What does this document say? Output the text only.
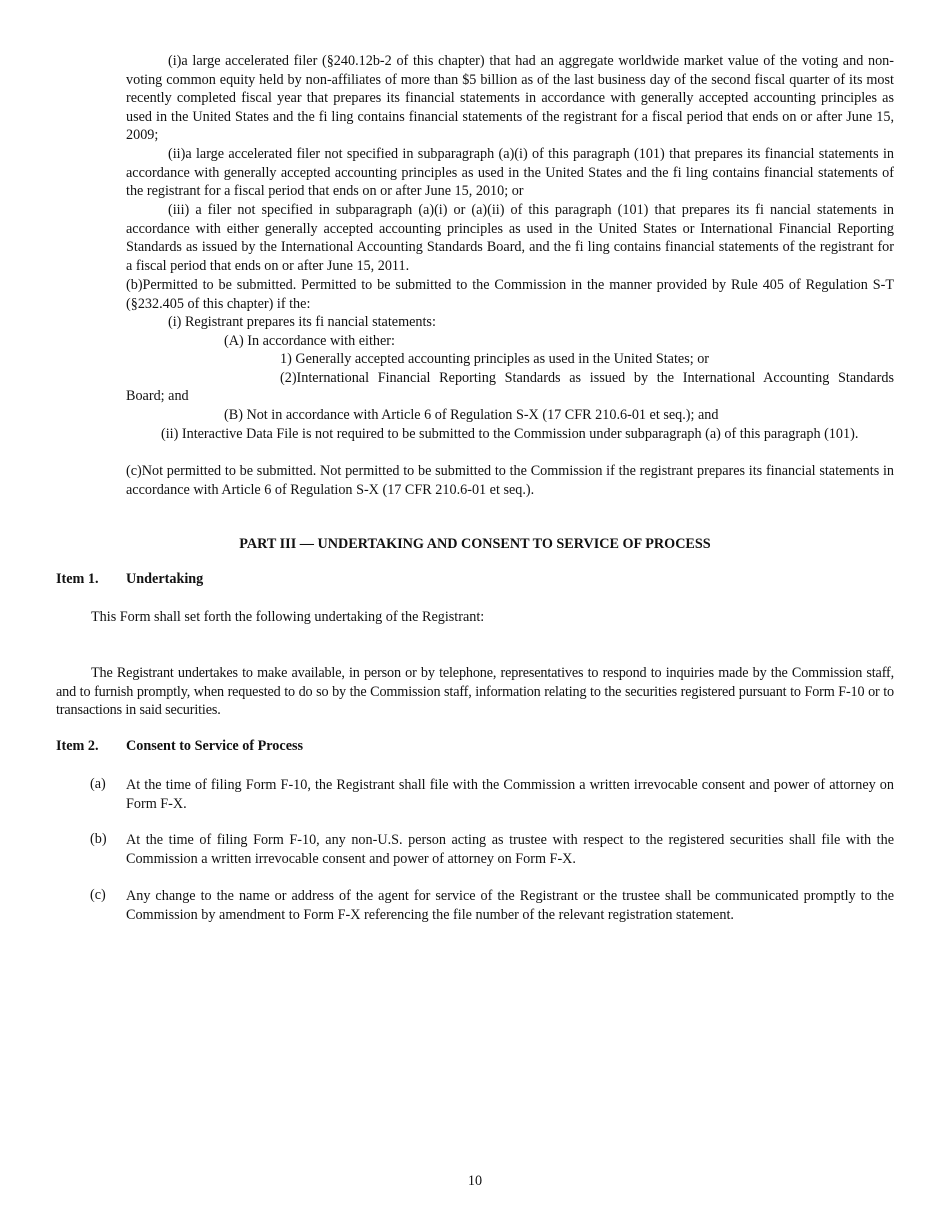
(i)a large accelerated filer (§240.12b-2 of this chapter) that had an aggregate worldwide market value of the voting and non-voting common equity held by non-affiliates of more than $5 billion as of the last business day of the second fiscal quarter of its most recently completed fiscal year that prepares its financial statements in accordance with generally accepted accounting principles as used in the United States and the fi ling contains financial statements of the registrant for a fiscal period that ends on or after June 15, 2009;

(ii)a large accelerated filer not specified in subparagraph (a)(i) of this paragraph (101) that prepares its financial statements in accordance with generally accepted accounting principles as used in the United States and the fi ling contains financial statements of the registrant for a fiscal period that ends on or after June 15, 2010; or

(iii) a filer not specified in subparagraph (a)(i) or (a)(ii) of this paragraph (101) that prepares its fi nancial statements in accordance with either generally accepted accounting principles as used in the United States or International Financial Reporting Standards as issued by the International Accounting Standards Board, and the fi ling contains financial statements of the registrant for a fiscal period that ends on or after June 15, 2011.

(b)Permitted to be submitted. Permitted to be submitted to the Commission in the manner provided by Rule 405 of Regulation S-T (§232.405 of this chapter) if the:

(i) Registrant prepares its fi nancial statements:

(A) In accordance with either:

1) Generally accepted accounting principles as used in the United States; or

(2)International Financial Reporting Standards as issued by the International Accounting Standards

Board; and

(B) Not in accordance with Article 6 of Regulation S-X (17 CFR 210.6-01 et seq.); and

(ii) Interactive Data File is not required to be submitted to the Commission under subparagraph (a) of this paragraph (101).

(c)Not permitted to be submitted. Not permitted to be submitted to the Commission if the registrant prepares its financial statements in accordance with Article 6 of Regulation S-X (17 CFR 210.6-01 et seq.).

PART III — UNDERTAKING AND CONSENT TO SERVICE OF PROCESS
Item 1. Undertaking

This Form shall set forth the following undertaking of the Registrant:

The Registrant undertakes to make available, in person or by telephone, representatives to respond to inquiries made by the Commission staff, and to furnish promptly, when requested to do so by the Commission staff, information relating to the securities registered pursuant to Form F-10 or to transactions in said securities.

Item 2. Consent to Service of Process
(a) At the time of filing Form F-10, the Registrant shall file with the Commission a written irrevocable consent and power of attorney on Form F-X.

(b) At the time of filing Form F-10, any non-U.S. person acting as trustee with respect to the registered securities shall file with the Commission a written irrevocable consent and power of attorney on Form F-X.

(c) Any change to the name or address of the agent for service of the Registrant or the trustee shall be communicated promptly to the Commission by amendment to Form F-X referencing the file number of the relevant registration statement.

10
